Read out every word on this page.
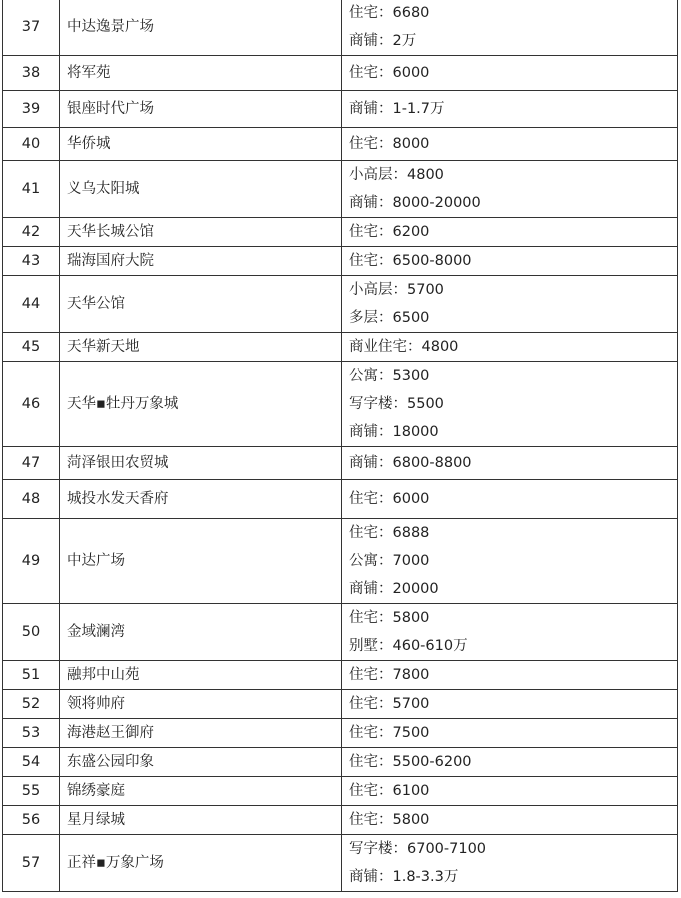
37	中达逸景广场	住宅：6680
商铺：2万

38	将军苑	住宅：6000

39	银座时代广场	商铺：1-1.7万

40	华侨城	住宅：8000

41	义乌太阳城	小高层：4800
商铺：8000-20000

42	天华长城公馆	住宅：6200

43	瑞海国府大院	住宅：6500-8000

44	天华公馆	小高层：5700
多层：6500

45	天华新天地	商业住宅：4800

46	天华▪牡丹万象城	公寓：5300
写字楼：5500
商铺：18000

47	菏泽银田农贸城	商铺：6800-8800

48	城投水发天香府	住宅：6000

49	中达广场	住宅：6888
公寓：7000
商铺：20000

50	金域澜湾	住宅：5800
别墅：460-610万

51	融邦中山苑	住宅：7800

52	领将帅府	住宅：5700

53	海港赵王御府	住宅：7500

54	东盛公园印象	住宅：5500-6200

55	锦绣豪庭	住宅：6100

56	星月绿城	住宅：5800

57	正祥▪万象广场	写字楼：6700-7100
商铺：1.8-3.3万
